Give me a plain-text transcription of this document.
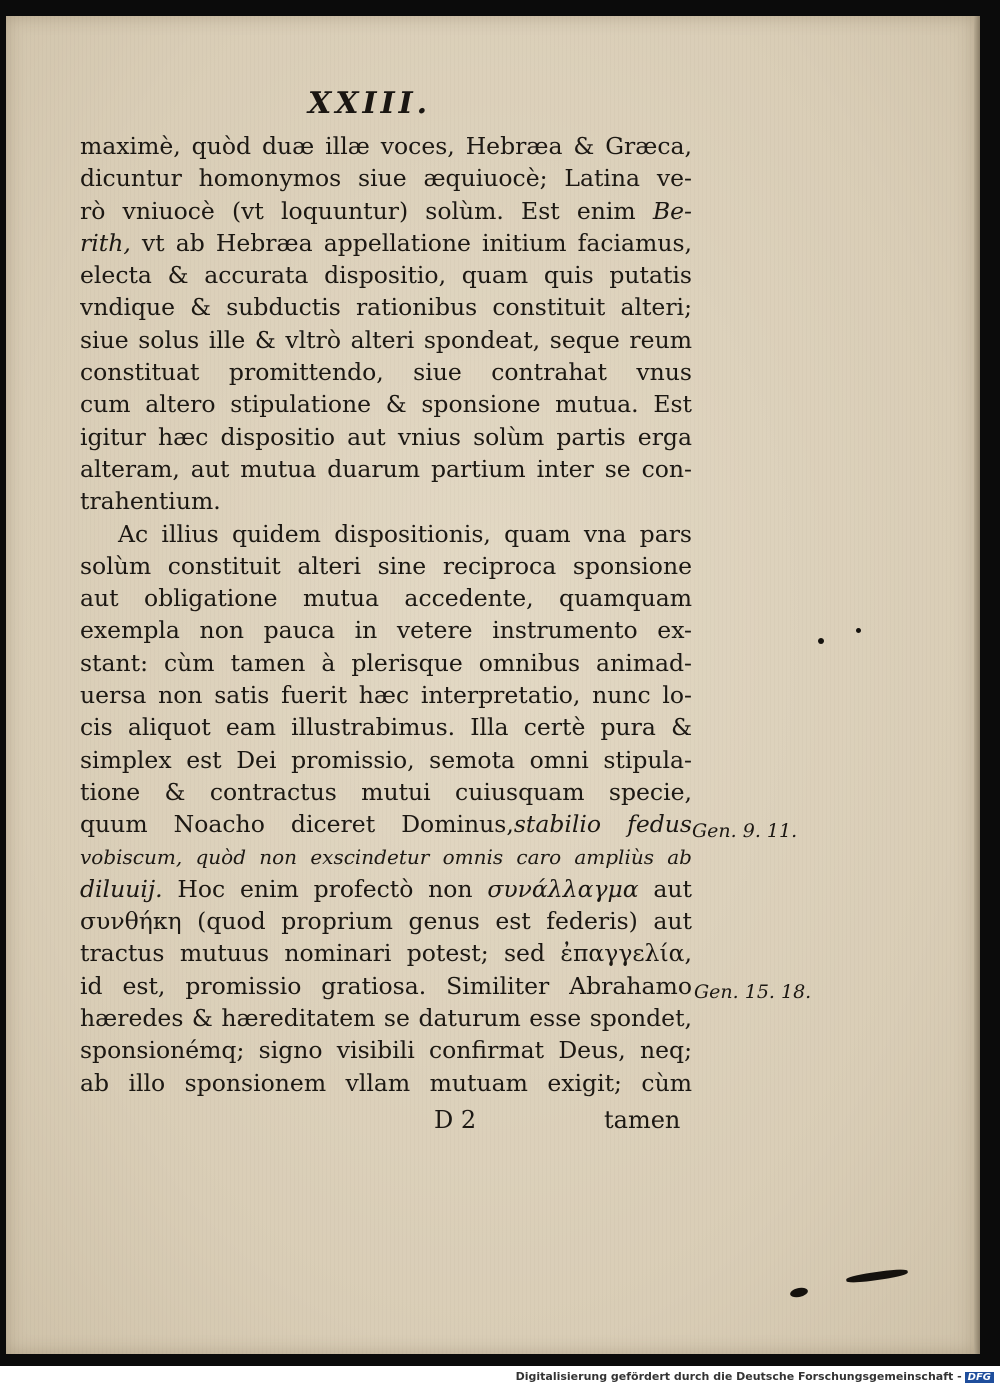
XXIII.
maximè, quòd duæ illæ voces, Hebræa & Græca,
dicuntur homonymos siue æquiuocè; Latina ve-
rò vniuocè (vt loquuntur) solùm. Est enim Be-
rith, vt ab Hebræa appellatione initium faciamus,
electa & accurata dispositio, quam quis putatis
vndique & subductis rationibus constituit alteri;
siue solus ille & vltrò alteri spondeat, seque reum
constituat promittendo, siue contrahat vnus
cum altero stipulatione & sponsione mutua. Est
igitur hæc dispositio aut vnius solùm partis erga
alteram, aut mutua duarum partium inter se con-
trahentium.
Ac illius quidem dispositionis, quam vna pars
solùm constituit alteri sine reciproca sponsione
aut obligatione mutua accedente, quamquam
exempla non pauca in vetere instrumento ex-
stant: cùm tamen à plerisque omnibus animad-
uersa non satis fuerit hæc interpretatio, nunc lo-
cis aliquot eam illustrabimus. Illa certè pura &
simplex est Dei promissio, semota omni stipula-
tione & contractus mutui cuiusquam specie,
quum Noacho diceret Dominus,stabilio fedus
vobiscum, quòd non exscindetur omnis caro ampliùs ab
diluuij. Hoc enim profectò non συνάλλαγμα aut
συνθήκη (quod proprium genus est federis) aut
tractus mutuus nominari potest; sed ἐπαγγελία,
id est, promissio gratiosa. Similiter Abrahamo
hæredes & hæreditatem se daturum esse spondet,
sponsionémq; signo visibili confirmat Deus, neq;
ab illo sponsionem vllam mutuam exigit; cùm
Gen. 9. 11.
Gen. 15. 18.
D 2	tamen
Digitalisierung gefördert durch die Deutsche Forschungsgemeinschaft - DFG
